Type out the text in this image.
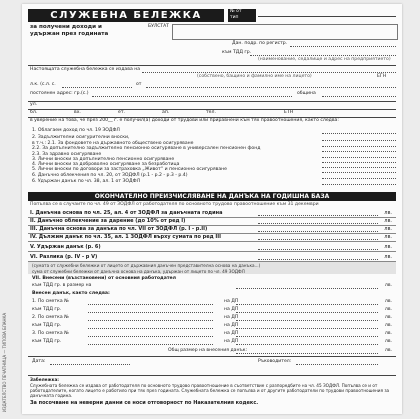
СЛУЖЕБНА БЕЛЕЖКА	№ от
тип
за получени доходи и
удържан през годината
БУЛСТАТ
Дан. подр. по регистр.
към ТДД гр.
(наименование, седалище и адрес на предприятието)
Настоящата служебна бележка се издава на
(собствено, бащино и фамилно име на лицето)	ЕГН
л.к. (с.л. с.	от
постоянен адрес: гр.(с.)	община
ул.
бл.	вх.	ет.	ап.	тел.	ЕТН
в уверение на това, че през 200__ г. е получил(а) доходи от трудови или приравнени към тях правоотношения, както следва:
1. Облагаем доход по чл. 19 ЗОДФЛ
2. Задължителни осигурителни вноски,
в т.ч.: 2.1. За фондовете на държавното обществено осигуряване
2.2. За допълнително задължително пенсионно осигуряване в универсален пенсионен фонд
2.3. За здравно осигуряване
3. Лични вноски за допълнително пенсионно осигуряване
4. Лични вноски за доброволно осигуряване за безработица
5. Лични вноски по договори за застраховка „Живот“ и пенсионно осигуряване
6. Данъчно облекчения по чл. 20, от ЗОДФЛ (р.1 - р.2 - р.3 - р.4)
6. Удържан данък по чл. 38, ал. 1 от ЗОДФЛ
ОКОНЧАТЕЛНО ПРЕИЗЧИСЛЯВАНЕ НА ДАНЪКА НА ГОДИШНА БАЗА
Попълва се в случаите по чл. 49 от ЗОДФЛ от работодателя по основното трудово правоотношение към 31 декември
I. Данъчна основа по чл. 25, ал. 4 от ЗОДФЛ за данъчната година	лв.
II. Данъчно облекчение за дарение (до 10% от ред I)	лв.
III. Данъчна основа за данъка по чл. VII от ЗОДФЛ (р. I - р.II)	лв.
IV. Дължим данък по чл. 35, ал. 1 ЗОДФЛ върху сумата по ред III	лв.
V. Удържан данък (р. 6)	лв.
VI. Разлика (р. IV - р V)	лв.
(сумата от служебни бележки от лицето от държавния данъчен представителна основа на данъка...)
сума от служебни бележки от данъчна основа на данъка, удържан от лицето по чл. 49 ЗОДФЛ
VII. Внесени (възстановени) от основния работодател
към ТДД гр. в размер на	лв.
Внесен данък, както следва:
1. По сметка №	на ДП	лв.
към ТДД гр.	на ДП	лв.
2. По сметка №	на ДП	лв.
към ТДД гр.	на ДП	лв.
3. По сметка №	на ДП	лв.
към ТДД гр.	на ДП	лв.
Общ размер на внесения данък:	лв.
Дата:	Ръководител:
Забележка:
Служебната бележка се издава от работодателя по основното трудово правоотношение в съответствие с разпоредбите на чл. 45 ЗОДФЛ. Попълва се и от работодателите, когато лицето е работило при тях през годината. Служебната бележка се попълва и от другите работодатели по трудови правоотношения за данъчната година.
За посочване на неверни данни се носи отговорност по Наказателния кодекс.
ИЗДАТЕЛСТВО ПЕЧАТНИЦА — ТИПОВА БЛАНКА
